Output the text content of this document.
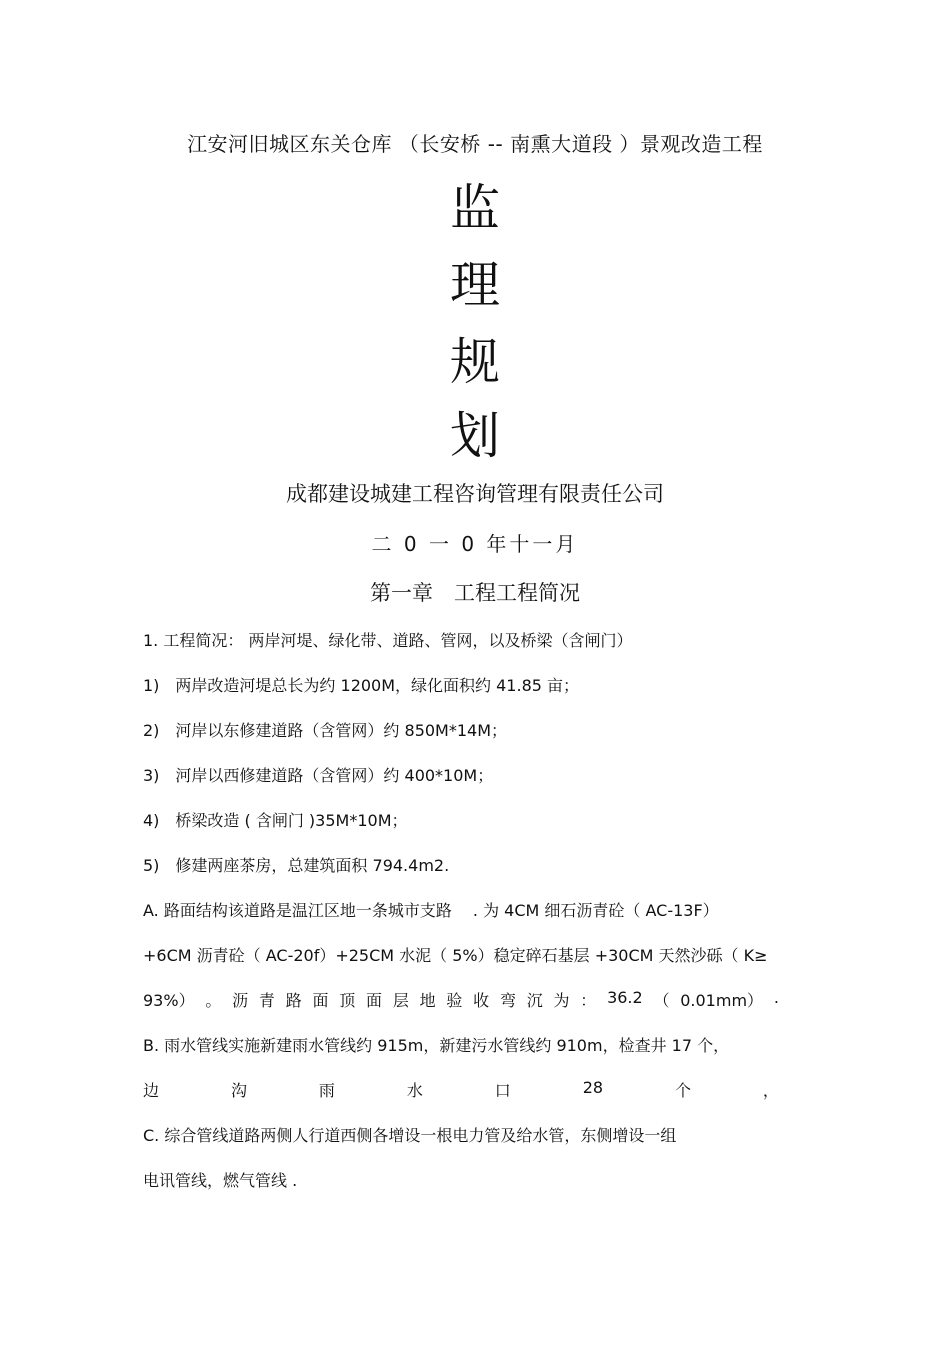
江安河旧城区东关仓库 （长安桥 -- 南熏大道段 ）景观改造工程
监
理
规
划
成都建设城建工程咨询管理有限责任公司
二 0 一 0 年十一月
第一章　工程工程简况
1. 工程简况： 两岸河堤、绿化带、道路、管网，以及桥梁（含闸门）
1)　两岸改造河堤总长为约 1200M，绿化面积约 41.85 亩；
2)　河岸以东修建道路（含管网）约 850M*14M；
3)　河岸以西修建道路（含管网）约 400*10M；
4)　桥梁改造 ( 含闸门 )35M*10M；
5)　修建两座茶房，总建筑面积 794.4m2.
A. 路面结构该道路是温江区地一条城市支路　 . 为 4CM 细石沥青砼（ AC-13F）
+6CM 沥青砼（ AC-20f）+25CM 水泥（ 5%）稳定碎石基层 +30CM 天然沙砾（ K≥
93%） 。 沥 青 路 面 顶 面 层 地 验 收 弯 沉 为 ： 36.2 （ 0.01mm） .
B. 雨水管线实施新建雨水管线约 915m，新建污水管线约 910m，检查井 17 个，
边	沟	雨	水	口	28	个	，
C. 综合管线道路两侧人行道西侧各增设一根电力管及给水管，东侧增设一组
电讯管线，燃气管线 .
